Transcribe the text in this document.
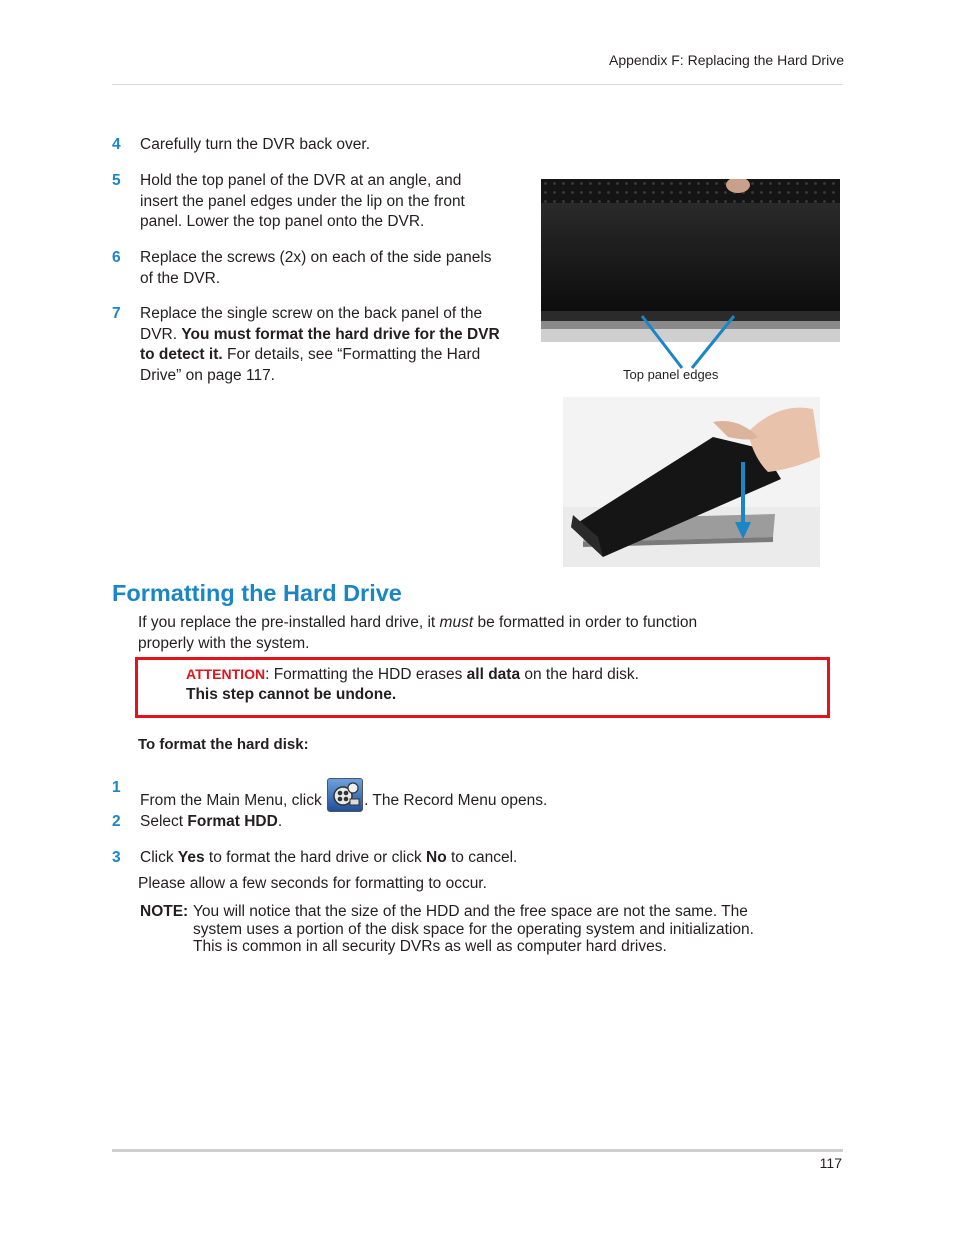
Appendix F: Replacing the Hard Drive
4 Carefully turn the DVR back over.
5 Hold the top panel of the DVR at an angle, and
insert the panel edges under the lip on the front
panel. Lower the top panel onto the DVR.
6 Replace the screws (2x) on each of the side panels
of the DVR.
7 Replace the single screw on the back panel of the
DVR. You must format the hard drive for the DVR
to detect it. For details, see “Formatting the Hard
Drive” on page 117.	Top panel edges
Formatting the Hard Drive
If you replace the pre-installed hard drive, it must be formatted in order to function
properly with the system.
ATTENTION: Formatting the HDD erases all data on the hard disk.
This step cannot be undone.
To format the hard disk:
1
From the Main Menu, click . The Record Menu opens.
2 Select Format HDD.
3 Click Yes to format the hard drive or click No to cancel.
Please allow a few seconds for formatting to occur.
NOTE: You will notice that the size of the HDD and the free space are not the same. The
system uses a portion of the disk space for the operating system and initialization.
This is common in all security DVRs as well as computer hard drives.
117
